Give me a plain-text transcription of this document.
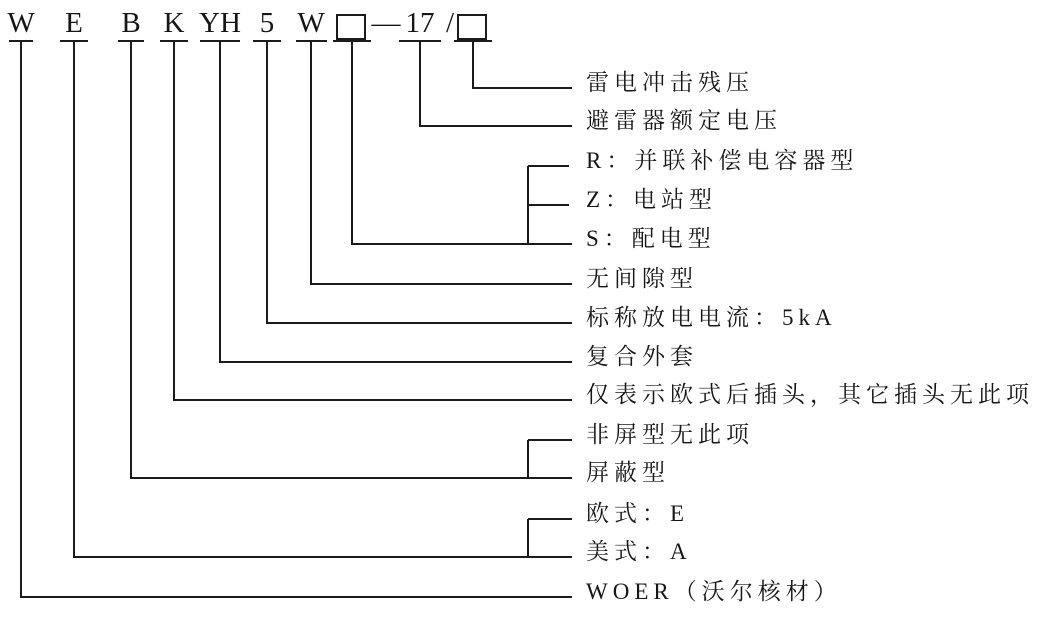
W	E	B K YH 5 W	— 17 /
雷电冲击残压
避雷器额定电压
R：并联补偿电容器型
Z：电站型
S：配电型
无间隙型
标称放电电流：5kA
复合外套
仅表示欧式后插头，其它插头无此项
非屏型无此项
屏蔽型
欧式：E
美式：A
WOER（沃尔核材）
